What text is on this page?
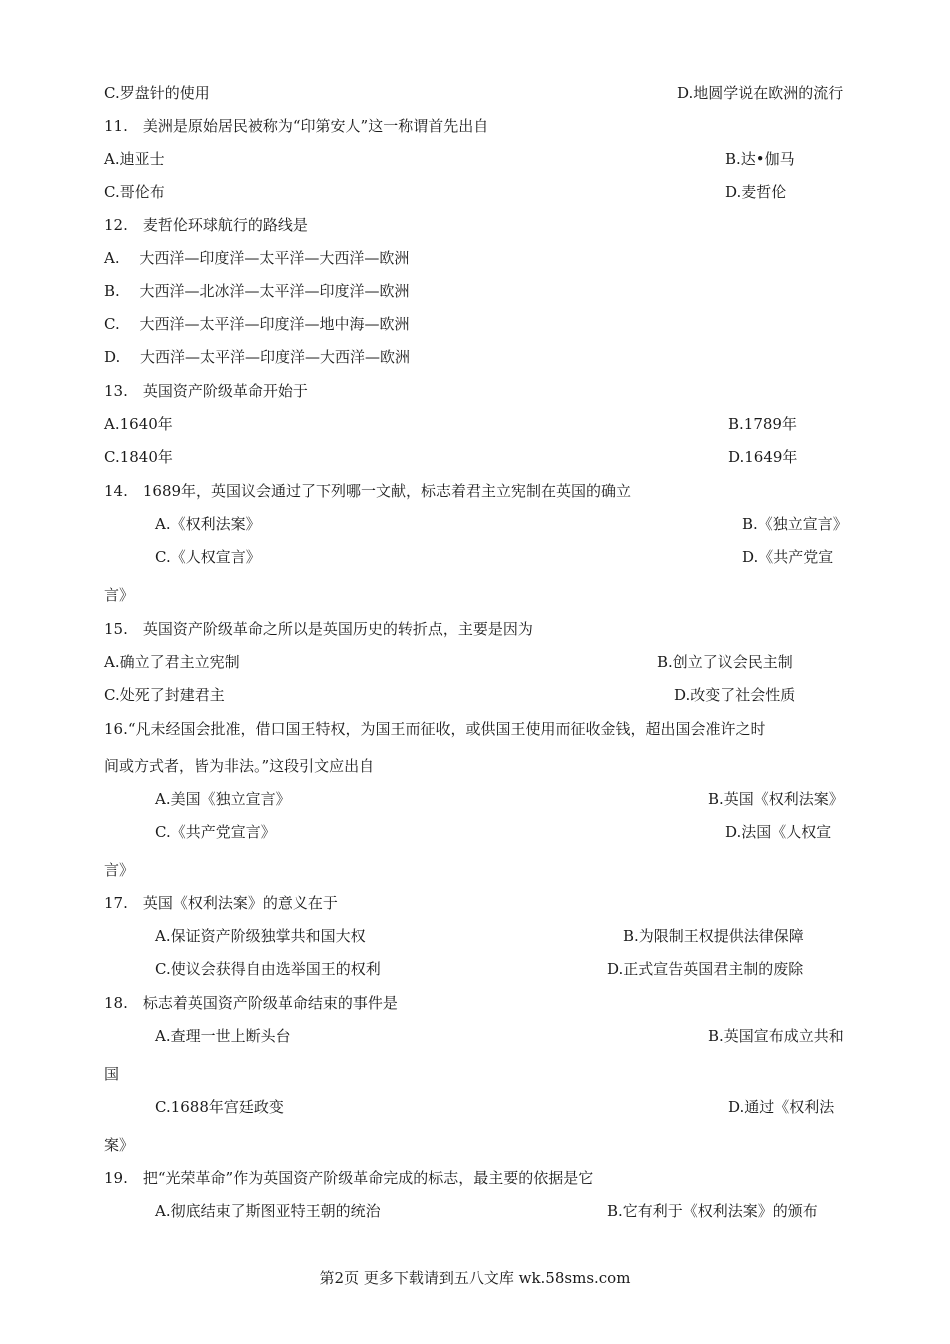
C.罗盘针的使用	D.地圆学说在欧洲的流行
11.　美洲是原始居民被称为“印第安人”这一称谓首先出自
A.迪亚士	B.达•伽马
C.哥伦布	D.麦哲伦
12.　麦哲伦环球航行的路线是
A.　 大西洋—印度洋—太平洋—大西洋—欧洲
B.　 大西洋—北冰洋—太平洋—印度洋—欧洲
C.　 大西洋—太平洋—印度洋—地中海—欧洲
D.　 大西洋—太平洋—印度洋—大西洋—欧洲
13.　英国资产阶级革命开始于
A.1640年	B.1789年
C.1840年	D.1649年
14.　1689年，英国议会通过了下列哪一文献，标志着君主立宪制在英国的确立
A.《权利法案》	B.《独立宣言》
C.《人权宣言》	D.《共产党宣
言》
15.　英国资产阶级革命之所以是英国历史的转折点，主要是因为
A.确立了君主立宪制	B.创立了议会民主制
C.处死了封建君主	D.改变了社会性质
16.“凡未经国会批准，借口国王特权，为国王而征收，或供国王使用而征收金钱，超出国会准许之时
间或方式者，皆为非法。”这段引文应出自
A.美国《独立宣言》	B.英国《权利法案》
C.《共产党宣言》	D.法国《人权宣
言》
17.　英国《权利法案》的意义在于
A.保证资产阶级独掌共和国大权	B.为限制王权提供法律保障
C.使议会获得自由选举国王的权利	D.正式宣告英国君主制的废除
18.　标志着英国资产阶级革命结束的事件是
A.查理一世上断头台	B.英国宣布成立共和
国
C.1688年宫廷政变	D.通过《权利法
案》
19.　把“光荣革命”作为英国资产阶级革命完成的标志，最主要的依据是它
A.彻底结束了斯图亚特王朝的统治	B.它有利于《权利法案》的颁布
第2页 更多下载请到五八文库 wk.58sms.com
